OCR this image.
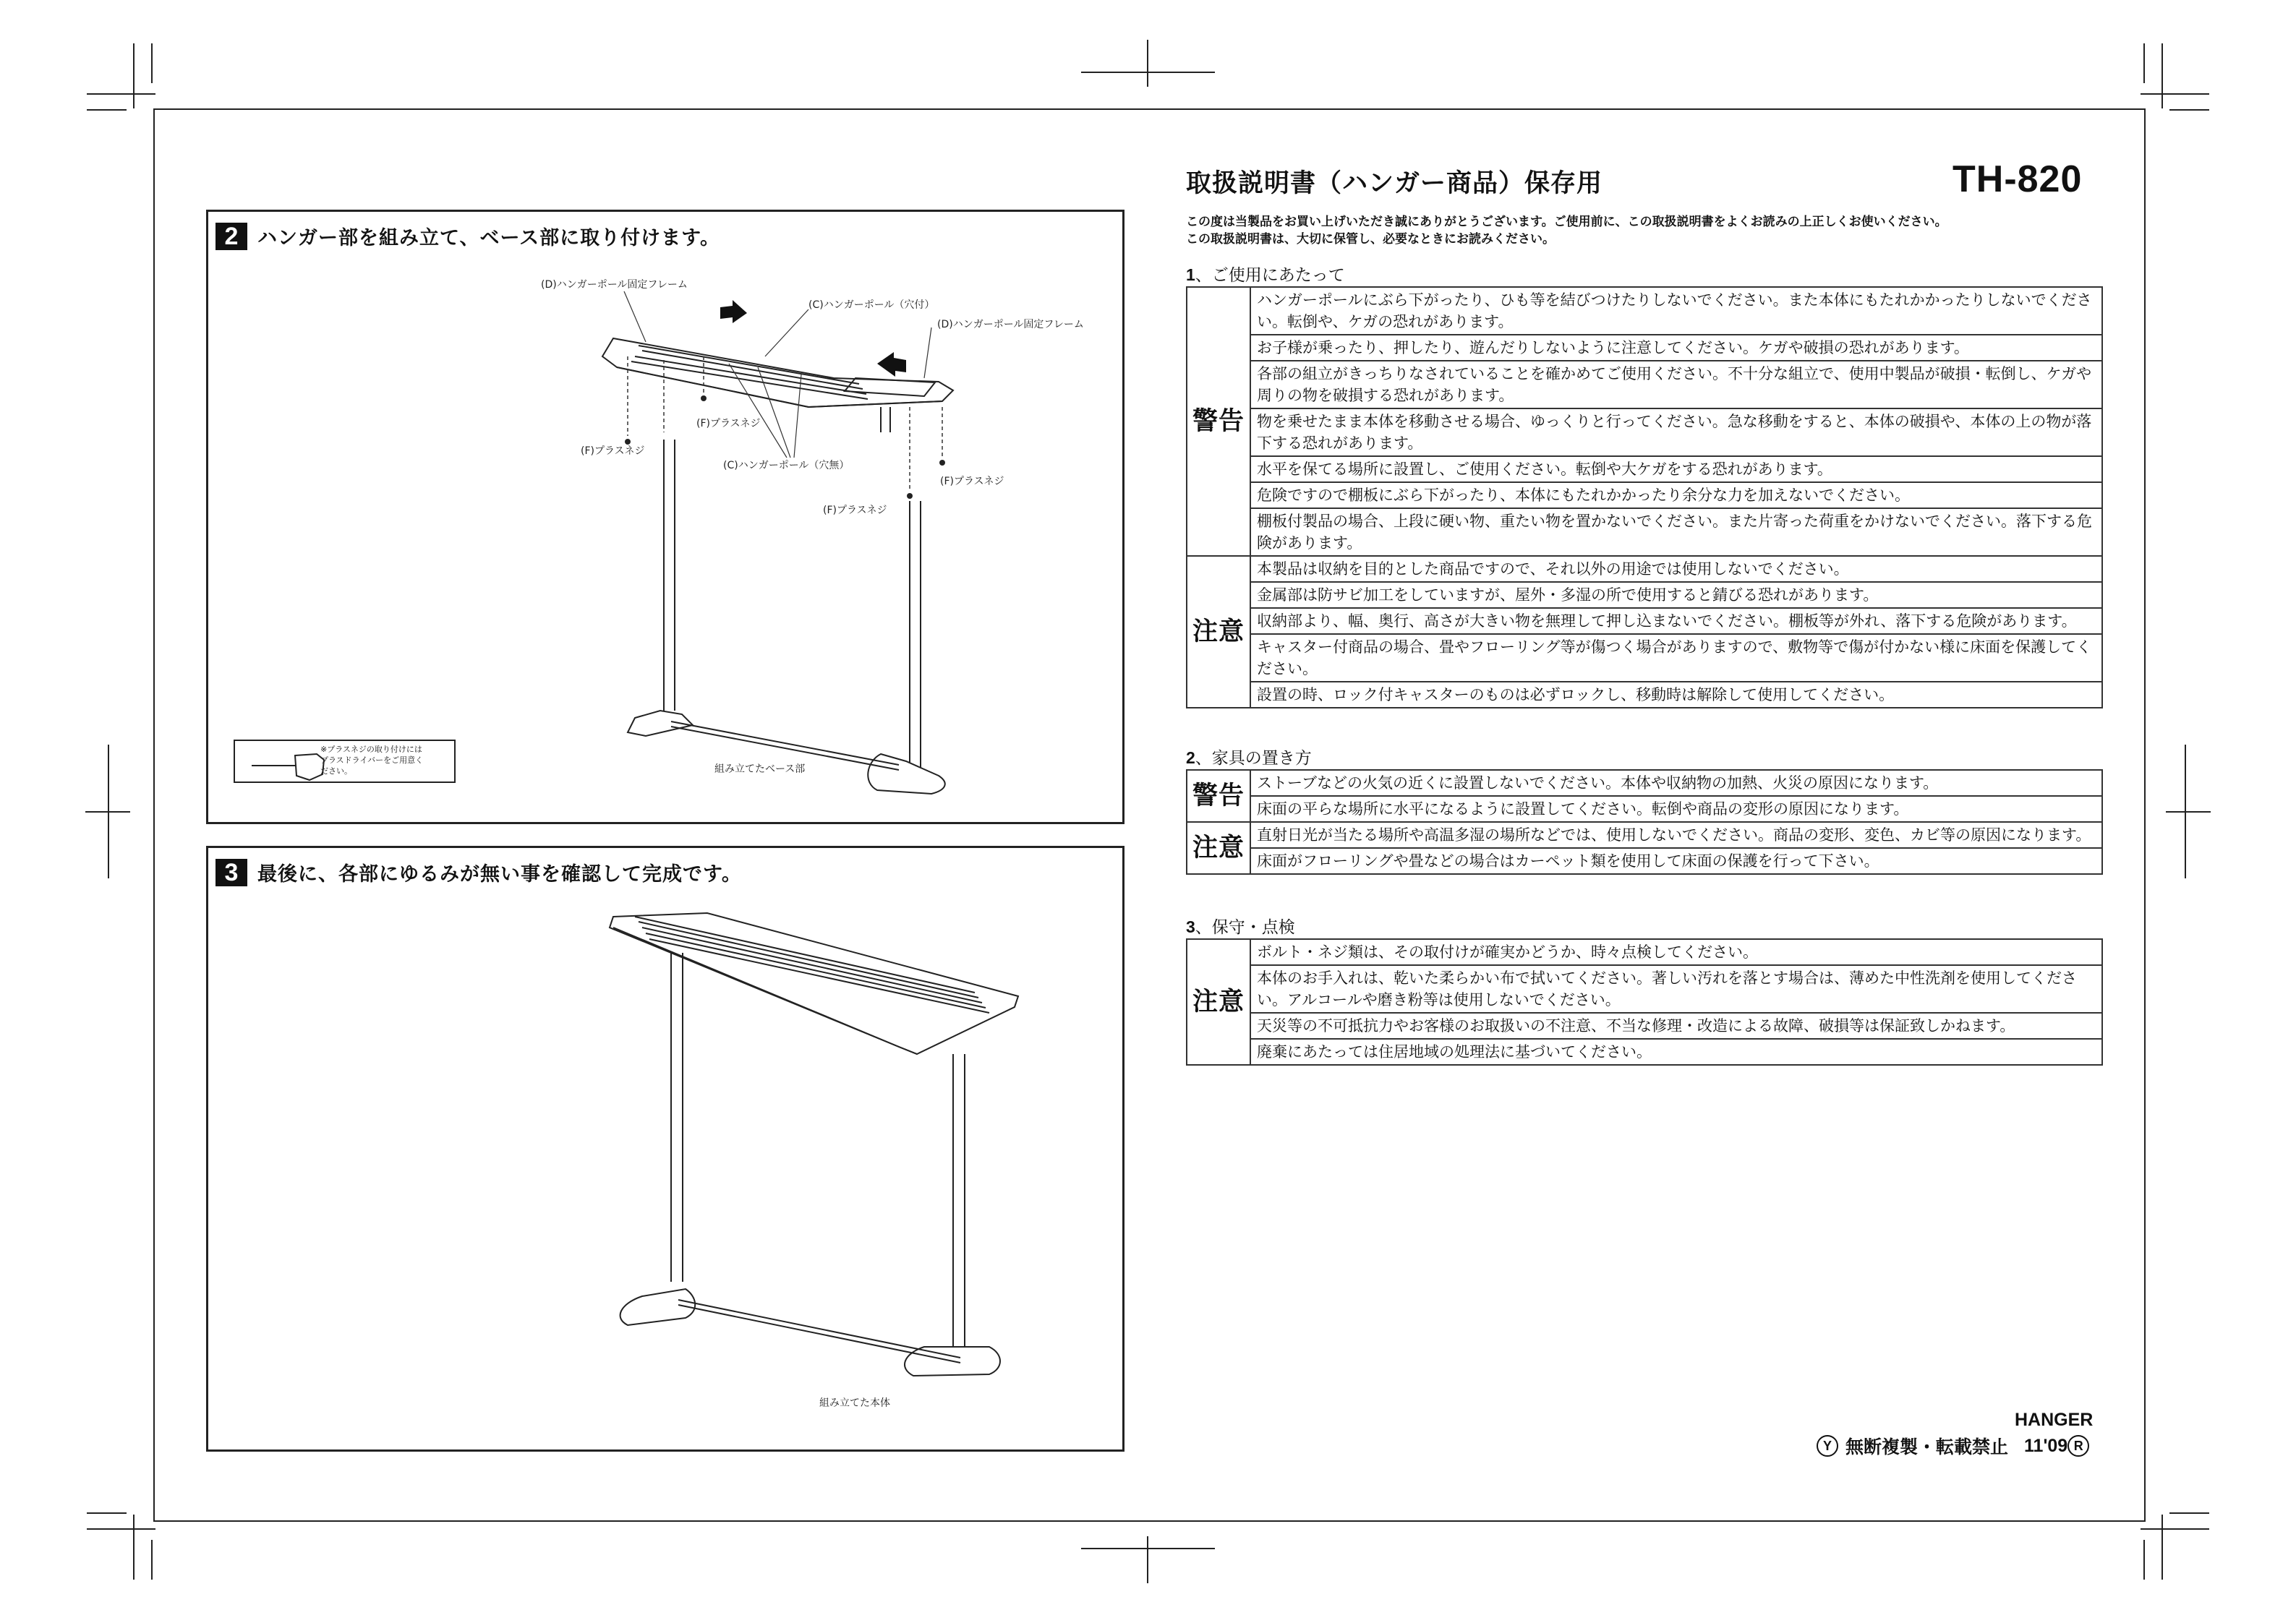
2 ハンガー部を組み立て、ベース部に取り付けます。
(D)ハンガーポール固定フレーム
(C)ハンガーポール（穴付）
(D)ハンガーポール固定フレーム
(F)プラスネジ
(F)プラスネジ
(C)ハンガーポール（穴無）
(F)プラスネジ
(F)プラスネジ
組み立てたベース部
※プラスネジの取り付けには
プラスドライバーをご用意く
ださい。
3 最後に、各部にゆるみが無い事を確認して完成です。
組み立てた本体
取扱説明書（ハンガー商品）保存用	TH-820
この度は当製品をお買い上げいただき誠にありがとうございます。ご使用前に、この取扱説明書をよくお読みの上正しくお使いください。
この取扱説明書は、大切に保管し、必要なときにお読みください。
1、ご使用にあたって
警告	ハンガーポールにぶら下がったり、ひも等を結びつけたりしないでください。また本体にもたれかかったりしないでください。転倒や、ケガの恐れがあります。
	お子様が乗ったり、押したり、遊んだりしないように注意してください。ケガや破損の恐れがあります。
	各部の組立がきっちりなされていることを確かめてご使用ください。不十分な組立で、使用中製品が破損・転倒し、ケガや周りの物を破損する恐れがあります。
	物を乗せたまま本体を移動させる場合、ゆっくりと行ってください。急な移動をすると、本体の破損や、本体の上の物が落下する恐れがあります。
	水平を保てる場所に設置し、ご使用ください。転倒や大ケガをする恐れがあります。
	危険ですので棚板にぶら下がったり、本体にもたれかかったり余分な力を加えないでください。
	棚板付製品の場合、上段に硬い物、重たい物を置かないでください。また片寄った荷重をかけないでください。落下する危険があります。

注意	本製品は収納を目的とした商品ですので、それ以外の用途では使用しないでください。
	金属部は防サビ加工をしていますが、屋外・多湿の所で使用すると錆びる恐れがあります。
	収納部より、幅、奥行、高さが大きい物を無理して押し込まないでください。棚板等が外れ、落下する危険があります。
	キャスター付商品の場合、畳やフローリング等が傷つく場合がありますので、敷物等で傷が付かない様に床面を保護してください。
	設置の時、ロック付キャスターのものは必ずロックし、移動時は解除して使用してください。
2、家具の置き方
警告	ストーブなどの火気の近くに設置しないでください。本体や収納物の加熱、火災の原因になります。
	床面の平らな場所に水平になるように設置してください。転倒や商品の変形の原因になります。

注意	直射日光が当たる場所や高温多湿の場所などでは、使用しないでください。商品の変形、変色、カビ等の原因になります。
	床面がフローリングや畳などの場合はカーペット類を使用して床面の保護を行って下さい。
3、保守・点検
注意
	ボルト・ネジ類は、その取付けが確実かどうか、時々点検してください。
本体のお手入れは、乾いた柔らかい布で拭いてください。著しい汚れを落とす場合は、薄めた中性洗剤を使用してください。アルコールや磨き粉等は使用しないでください。
天災等の不可抵抗力やお客様のお取扱いの不注意、不当な修理・改造による故障、破損等は保証致しかねます。
廃棄にあたっては住居地域の処理法に基づいてください。
HANGER
Y 無断複製・転載禁止 11'09 R
